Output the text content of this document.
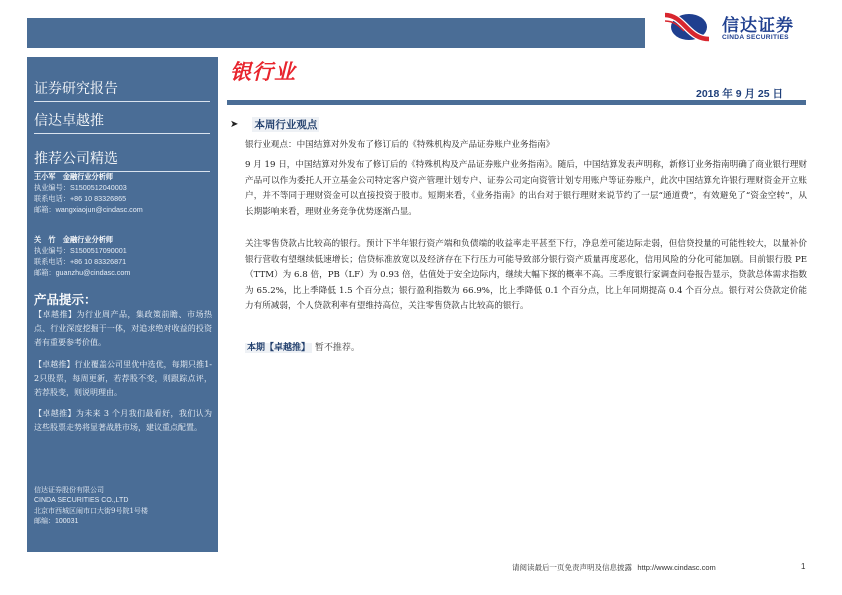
信达证券
CINDA SECURITIES
证券研究报告
信达卓越推
推荐公司精选
王小军　金融行业分析师
执业编号：S1500512040003
联系电话：+86 10 83326865
邮箱：wangxiaojun@cindasc.com
关　竹　金融行业分析师
执业编号：S1500517090001
联系电话：+86 10 83326871
邮箱：guanzhu@cindasc.com
产品提示：
【卓越推】为行业周产品，集政策前瞻、市场热点、行业深度挖掘于一体，对追求绝对收益的投资者有重要参考价值。
【卓越推】行业覆盖公司里优中选优，每期只推1-2只股票，每周更新，若荐股不变，则跟踪点评，若荐股变，则说明理由。
【卓越推】为未来 3 个月我们最看好，我们认为这些股票走势将显著战胜市场，建议重点配置。
信达证券股份有限公司
CINDA SECURITIES CO.,LTD
北京市西城区闹市口大街9号院1号楼
邮编：100031
银行业
2018 年 9 月 25 日
➤ 本周行业观点

银行业观点：中国结算对外发布了修订后的《特殊机构及产品证券账户业务指南》

9 月 19 日，中国结算对外发布了修订后的《特殊机构及产品证券账户业务指南》。随后，中国结算发表声明称，新修订业务指南明确了商业银行理财产品可以作为委托人开立基金公司特定客户资产管理计划专户、证券公司定向资管计划专用账户等证券账户，此次中国结算允许银行理财资金开立账户，并不等同于理财资金可以直接投资于股市。短期来看，《业务指南》的出台对于银行理财来说节约了一层“通道费”，有效避免了“资金空转”，从长期影响来看，理财业务竞争优势逐渐凸显。

关注零售贷款占比较高的银行。预计下半年银行资产端和负债端的收益率走平甚至下行，净息差可能边际走弱，但信贷投量的可能性较大，以量补价银行营收有望继续低速增长；信贷标准放宽以及经济存在下行压力可能导致部分银行资产质量再度恶化，信用风险的分化可能加剧。目前银行股 PE（TTM）为 6.8 倍，PB（LF）为 0.93 倍，估值处于安全边际内，继续大幅下探的概率不高。三季度银行家调查问卷报告显示，贷款总体需求指数为 65.2%，比上季降低 1.5 个百分点；银行盈利指数为 66.9%，比上季降低 0.1 个百分点，比上年同期提高 0.4 个百分点。银行对公贷款定价能力有所减弱，个人贷款利率有望维持高位，关注零售贷款占比较高的银行。

本期【卓越推】 暂不推荐。
请阅读最后一页免责声明及信息披露 http://www.cindasc.com	1
